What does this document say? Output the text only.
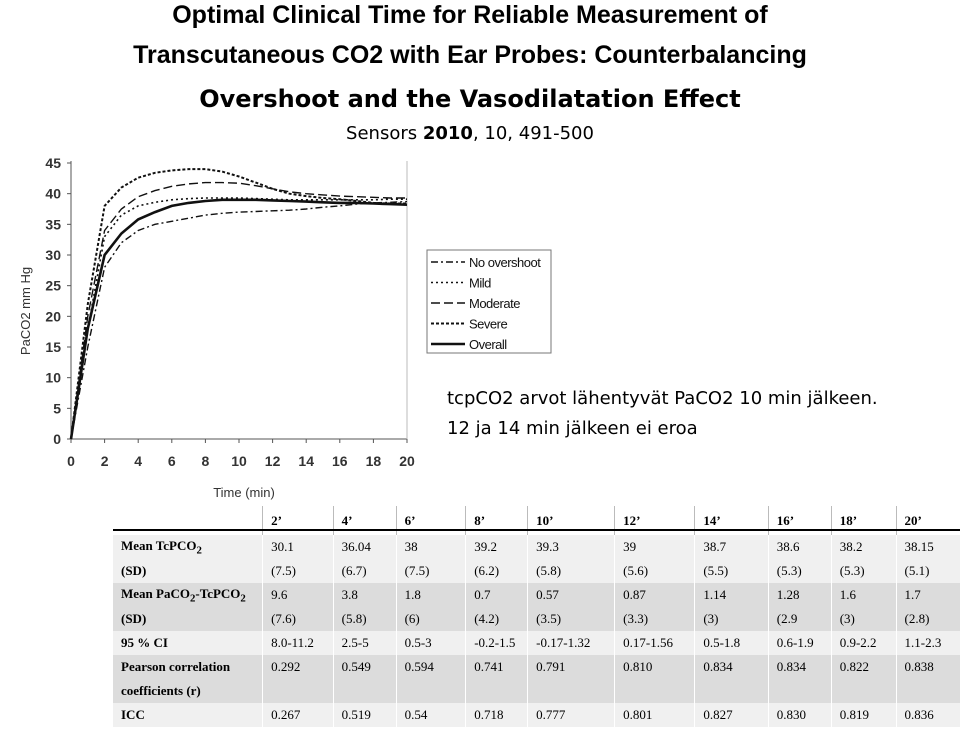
Optimal Clinical Time for Reliable Measurement of
Transcutaneous CO2 with Ear Probes: Counterbalancing
Overshoot and the Vasodilatation Effect
Sensors 2010, 10, 491-500
0
5
10
15
20
25
30
35
40
45
0 2 4 6 8 10 12 14 16 18 20
Time (min)
PaCO2 mm Hg
No overshoot
Mild
Moderate
Severe
Overall
tcpCO2 arvot lähentyvät PaCO2 10 min jälkeen.
12 ja 14 min jälkeen ei eroa
	2’	4’	6’	8’	10’	12’	14’	16’	18’	20’
Mean TcPCO$_2$	30.1	36.04	38	39.2	39.3	39	38.7	38.6	38.2	38.15
(SD)	(7.5)	(6.7)	(7.5)	(6.2)	(5.8)	(5.6)	(5.5)	(5.3)	(5.3)	(5.1)
Mean PaCO$_2$-TcPCO$_2$	9.6	3.8	1.8	0.7	0.57	0.87	1.14	1.28	1.6	1.7
(SD)	(7.6)	(5.8)	(6)	(4.2)	(3.5)	(3.3)	(3)	(2.9	(3)	(2.8)
95 % CI	8.0-11.2	2.5-5	0.5-3	-0.2-1.5	-0.17-1.32	0.17-1.56	0.5-1.8	0.6-1.9	0.9-2.2	1.1-2.3
Pearson correlation	0.292	0.549	0.594	0.741	0.791	0.810	0.834	0.834	0.822	0.838
coefficients (r)										
ICC	0.267	0.519	0.54	0.718	0.777	0.801	0.827	0.830	0.819	0.836
